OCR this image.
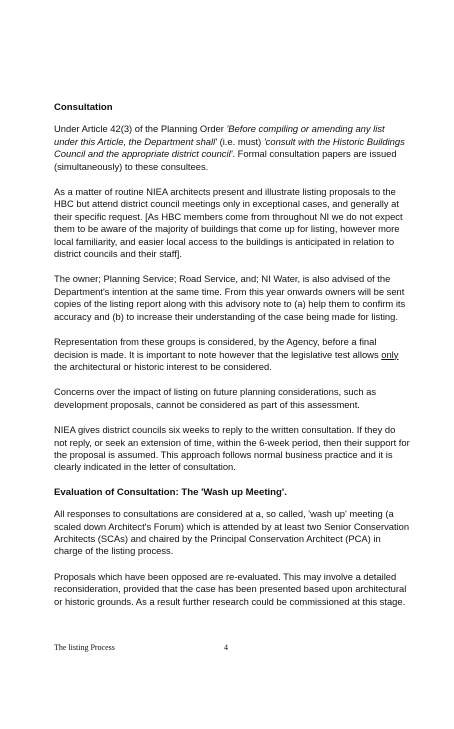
Consultation

Under Article 42(3) of the Planning Order 'Before compiling or amending any list under this Article, the Department shall' (i.e. must) 'consult with the Historic Buildings Council and the appropriate district council'. Formal consultation papers are issued (simultaneously) to these consultees.

As a matter of routine NIEA architects present and illustrate listing proposals to the HBC but attend district council meetings only in exceptional cases, and generally at their specific request. [As HBC members come from throughout NI we do not expect them to be aware of the majority of buildings that come up for listing, however more local familiarity, and easier local access to the buildings is anticipated in relation to district councils and their staff].

The owner; Planning Service; Road Service, and; NI Water, is also advised of the Department's intention at the same time. From this year onwards owners will be sent copies of the listing report along with this advisory note to (a) help them to confirm its accuracy and (b) to increase their understanding of the case being made for listing.

Representation from these groups is considered, by the Agency, before a final decision is made. It is important to note however that the legislative test allows only the architectural or historic interest to be considered.

Concerns over the impact of listing on future planning considerations, such as development proposals, cannot be considered as part of this assessment.

NIEA gives district councils six weeks to reply to the written consultation. If they do not reply, or seek an extension of time, within the 6-week period, then their support for the proposal is assumed. This approach follows normal business practice and it is clearly indicated in the letter of consultation.

Evaluation of Consultation: The 'Wash up Meeting'.

All responses to consultations are considered at a, so called, 'wash up' meeting (a scaled down Architect's Forum) which is attended by at least two Senior Conservation Architects (SCAs) and chaired by the Principal Conservation Architect (PCA) in charge of the listing process.

Proposals which have been opposed are re-evaluated. This may involve a detailed reconsideration, provided that the case has been presented based upon architectural or historic grounds. As a result further research could be commissioned at this stage.

The listing Process	4
